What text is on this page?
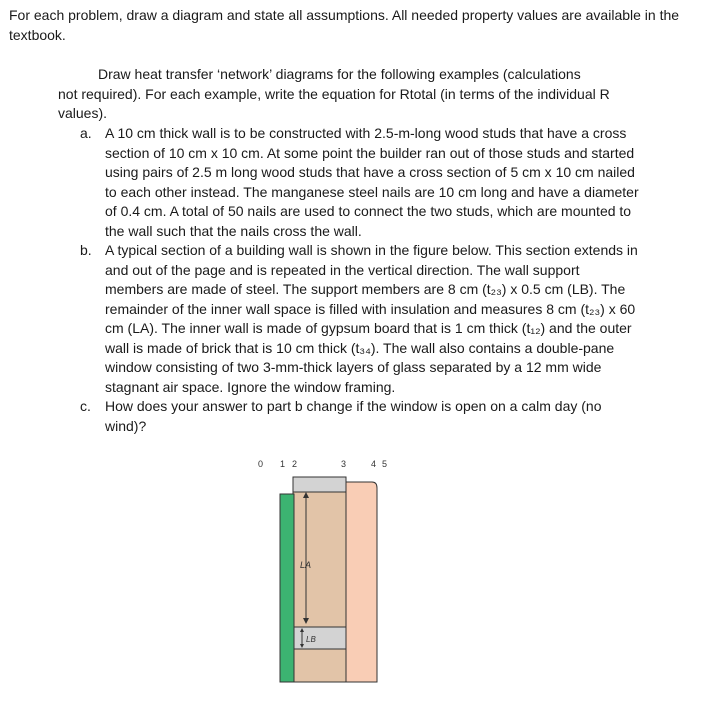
For each problem, draw a diagram and state all assumptions. All needed property values are available in the textbook.
Draw heat transfer ‘network’ diagrams for the following examples (calculations
not required). For each example, write the equation for Rtotal (in terms of the individual R values).
a. A 10 cm thick wall is to be constructed with 2.5-m-long wood studs that have a cross section of 10 cm x 10 cm. At some point the builder ran out of those studs and started using pairs of 2.5 m long wood studs that have a cross section of 5 cm x 10 cm nailed to each other instead. The manganese steel nails are 10 cm long and have a diameter of 0.4 cm. A total of 50 nails are used to connect the two studs, which are mounted to the wall such that the nails cross the wall.
b. A typical section of a building wall is shown in the figure below. This section extends in and out of the page and is repeated in the vertical direction. The wall support members are made of steel. The support members are 8 cm (t₂₃) x 0.5 cm (LB). The remainder of the inner wall space is filled with insulation and measures 8 cm (t₂₃) x 60 cm (LA). The inner wall is made of gypsum board that is 1 cm thick (t₁₂) and the outer wall is made of brick that is 10 cm thick (t₃₄). The wall also contains a double-pane window consisting of two 3-mm-thick layers of glass separated by a 12 mm wide stagnant air space. Ignore the window framing.
c.	How does your answer to part b change if the window is open on a calm day (no wind)?
0 1 2	3	4 5
LA
LB
